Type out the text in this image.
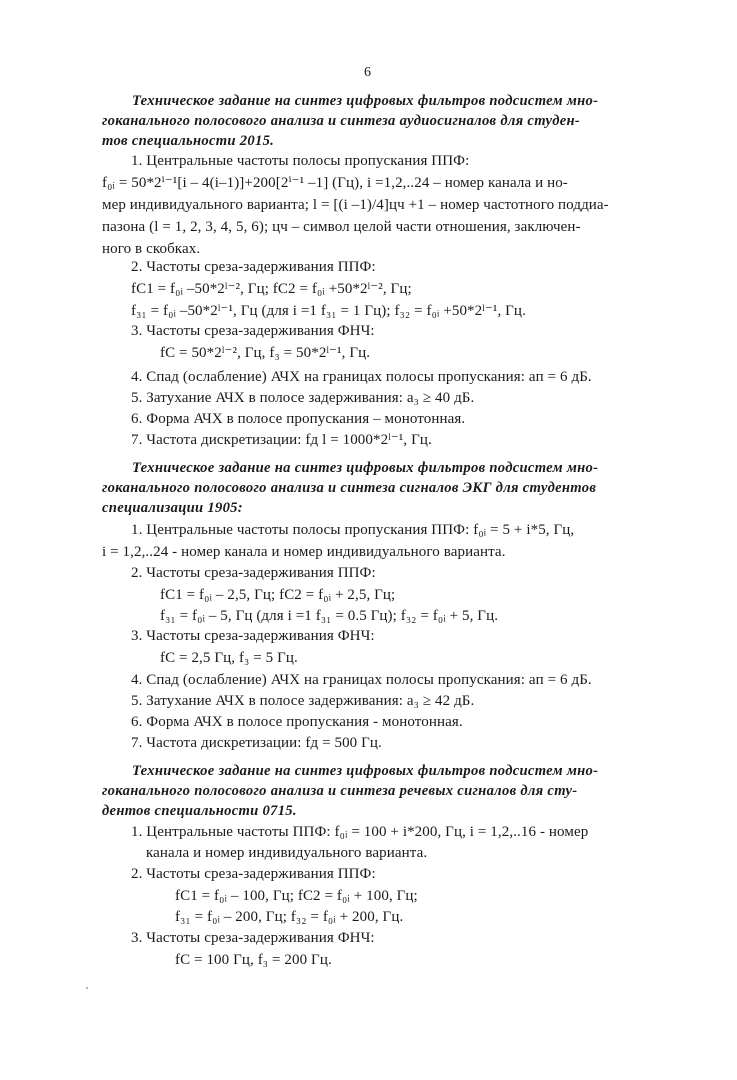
6
Техническое задание на синтез цифровых фильтров подсистем мно-
гоканального полосового анализа и синтеза аудиосигналов для студен-
тов специальности 2015.
1. Центральные частоты полосы пропускания ППФ:
f₀ᵢ = 50*2ⁱ⁻¹[i – 4(i–1)]+200[2ⁱ⁻¹ –1] (Гц), i =1,2,..24 – номер канала и но-
мер индивидуального варианта; l = [(i –1)/4]цч +1 – номер частотного поддиа-
пазона (l = 1, 2, 3, 4, 5, 6); цч – символ целой части отношения, заключен-
ного в скобках.
2. Частоты среза-задерживания ППФ:
fC1 = f₀ᵢ –50*2ˡ⁻², Гц; fC2 = f₀ᵢ +50*2ˡ⁻², Гц;
f₃₁ = f₀ᵢ –50*2ˡ⁻¹, Гц (для i =1 f₃₁ = 1 Гц); f₃₂ = f₀ᵢ +50*2ˡ⁻¹, Гц.
3. Частоты среза-задерживания ФНЧ:
fC = 50*2ˡ⁻², Гц, f₃ = 50*2ˡ⁻¹, Гц.
4. Спад (ослабление) АЧХ на границах полосы пропускания: aп = 6 дБ.
5. Затухание АЧХ в полосе задерживания: a₃ ≥ 40 дБ.
6. Форма АЧХ в полосе пропускания – монотонная.
7. Частота дискретизации: fд l = 1000*2ˡ⁻¹, Гц.
Техническое задание на синтез цифровых фильтров подсистем мно-
гоканального полосового анализа и синтеза сигналов ЭКГ для студентов
специализации 1905:
1. Центральные частоты полосы пропускания ППФ: f₀ᵢ = 5 + i*5, Гц,
i = 1,2,..24 - номер канала и номер индивидуального варианта.
2. Частоты среза-задерживания ППФ:
fC1 = f₀ᵢ – 2,5, Гц; fC2 = f₀ᵢ + 2,5, Гц;
f₃₁ = f₀ᵢ – 5, Гц (для i =1 f₃₁ = 0.5 Гц); f₃₂ = f₀ᵢ + 5, Гц.
3. Частоты среза-задерживания ФНЧ:
fC = 2,5 Гц, f₃ = 5 Гц.
4. Спад (ослабление) АЧХ на границах полосы пропускания: aп = 6 дБ.
5. Затухание АЧХ в полосе задерживания: a₃ ≥ 42 дБ.
6. Форма АЧХ в полосе пропускания - монотонная.
7. Частота дискретизации: fд = 500 Гц.
Техническое задание на синтез цифровых фильтров подсистем мно-
гоканального полосового анализа и синтеза речевых сигналов для сту-
дентов специальности 0715.
1. Центральные частоты ППФ: f₀ᵢ = 100 + i*200, Гц, i = 1,2,..16 - номер
канала и номер индивидуального варианта.
2. Частоты среза-задерживания ППФ:
fC1 = f₀ᵢ – 100, Гц; fC2 = f₀ᵢ + 100, Гц;
f₃₁ = f₀ᵢ – 200, Гц; f₃₂ = f₀ᵢ + 200, Гц.
3. Частоты среза-задерживания ФНЧ:
fC = 100 Гц, f₃ = 200 Гц.
